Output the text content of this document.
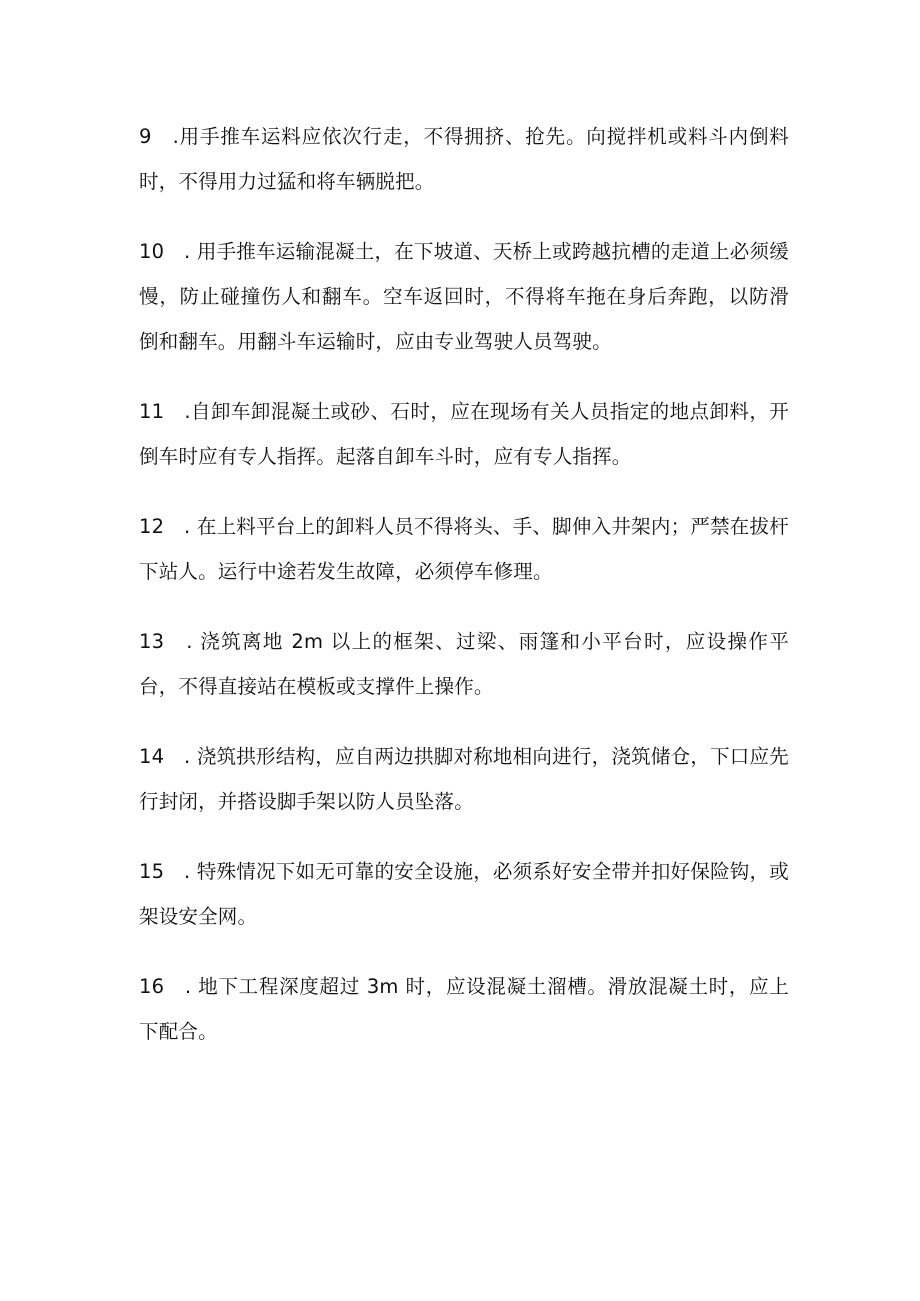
9　.用手推车运料应依次行走，不得拥挤、抢先。向搅拌机或料斗内倒料时，不得用力过猛和将车辆脱把。

10　. 用手推车运输混凝土，在下坡道、天桥上或跨越抗槽的走道上必须缓慢，防止碰撞伤人和翻车。空车返回时，不得将车拖在身后奔跑，以防滑倒和翻车。用翻斗车运输时，应由专业驾驶人员驾驶。

11　.自卸车卸混凝土或砂、石时，应在现场有关人员指定的地点卸料，开倒车时应有专人指挥。起落自卸车斗时，应有专人指挥。

12　. 在上料平台上的卸料人员不得将头、手、脚伸入井架内；严禁在拔杆下站人。运行中途若发生故障，必须停车修理。

13　. 浇筑离地 2m 以上的框架、过梁、雨篷和小平台时，应设操作平台，不得直接站在模板或支撑件上操作。

14　. 浇筑拱形结构，应自两边拱脚对称地相向进行，浇筑储仓，下口应先行封闭，并搭设脚手架以防人员坠落。

15　. 特殊情况下如无可靠的安全设施，必须系好安全带并扣好保险钩，或架设安全网。

16　. 地下工程深度超过 3m 时，应设混凝土溜槽。滑放混凝土时，应上下配合。
